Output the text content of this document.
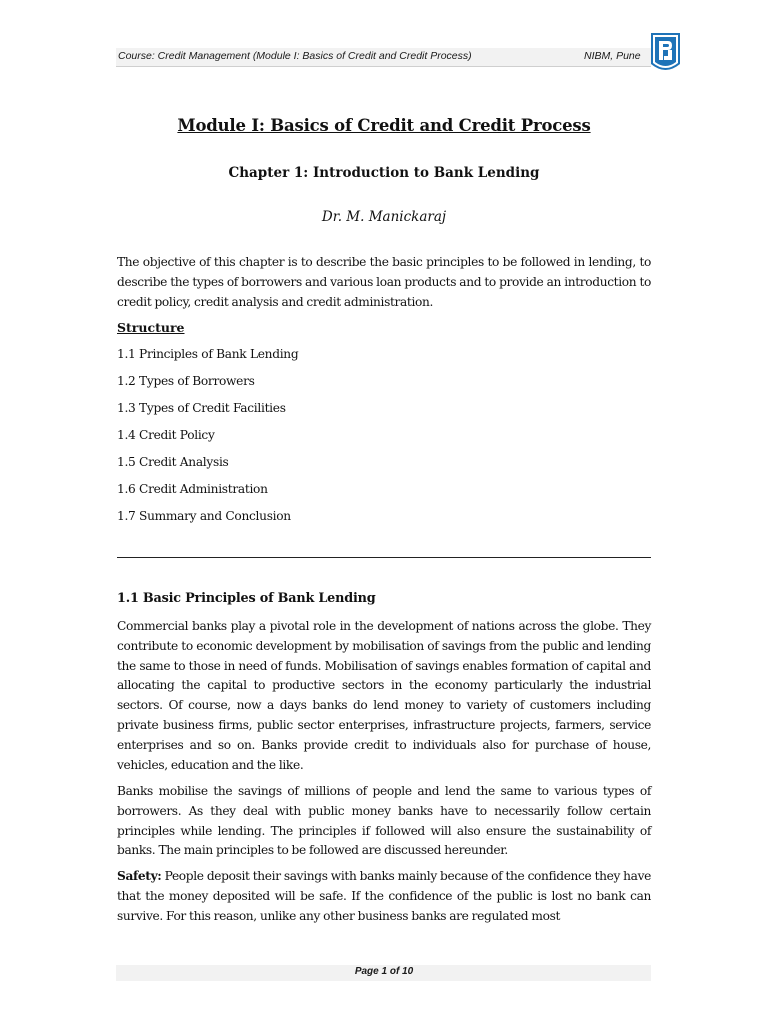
Course: Credit Management (Module I: Basics of Credit and Credit Process)	NIBM, Pune
Module I: Basics of Credit and Credit Process
Chapter 1: Introduction to Bank Lending
Dr. M. Manickaraj
The objective of this chapter is to describe the basic principles to be followed in lending, to describe the types of borrowers and various loan products and to provide an introduction to credit policy, credit analysis and credit administration.
Structure
1.1 Principles of Bank Lending
1.2 Types of Borrowers
1.3 Types of Credit Facilities
1.4 Credit Policy
1.5 Credit Analysis
1.6 Credit Administration
1.7 Summary and Conclusion
1.1 Basic Principles of Bank Lending
Commercial banks play a pivotal role in the development of nations across the globe. They contribute to economic development by mobilisation of savings from the public and lending the same to those in need of funds. Mobilisation of savings enables formation of capital and allocating the capital to productive sectors in the economy particularly the industrial sectors. Of course, now a days banks do lend money to variety of customers including private business firms, public sector enterprises, infrastructure projects, farmers, service enterprises and so on. Banks provide credit to individuals also for purchase of house, vehicles, education and the like.
Banks mobilise the savings of millions of people and lend the same to various types of borrowers. As they deal with public money banks have to necessarily follow certain principles while lending. The principles if followed will also ensure the sustainability of banks. The main principles to be followed are discussed hereunder.
Safety: People deposit their savings with banks mainly because of the confidence they have that the money deposited will be safe. If the confidence of the public is lost no bank can survive. For this reason, unlike any other business banks are regulated most
Page 1 of 10
